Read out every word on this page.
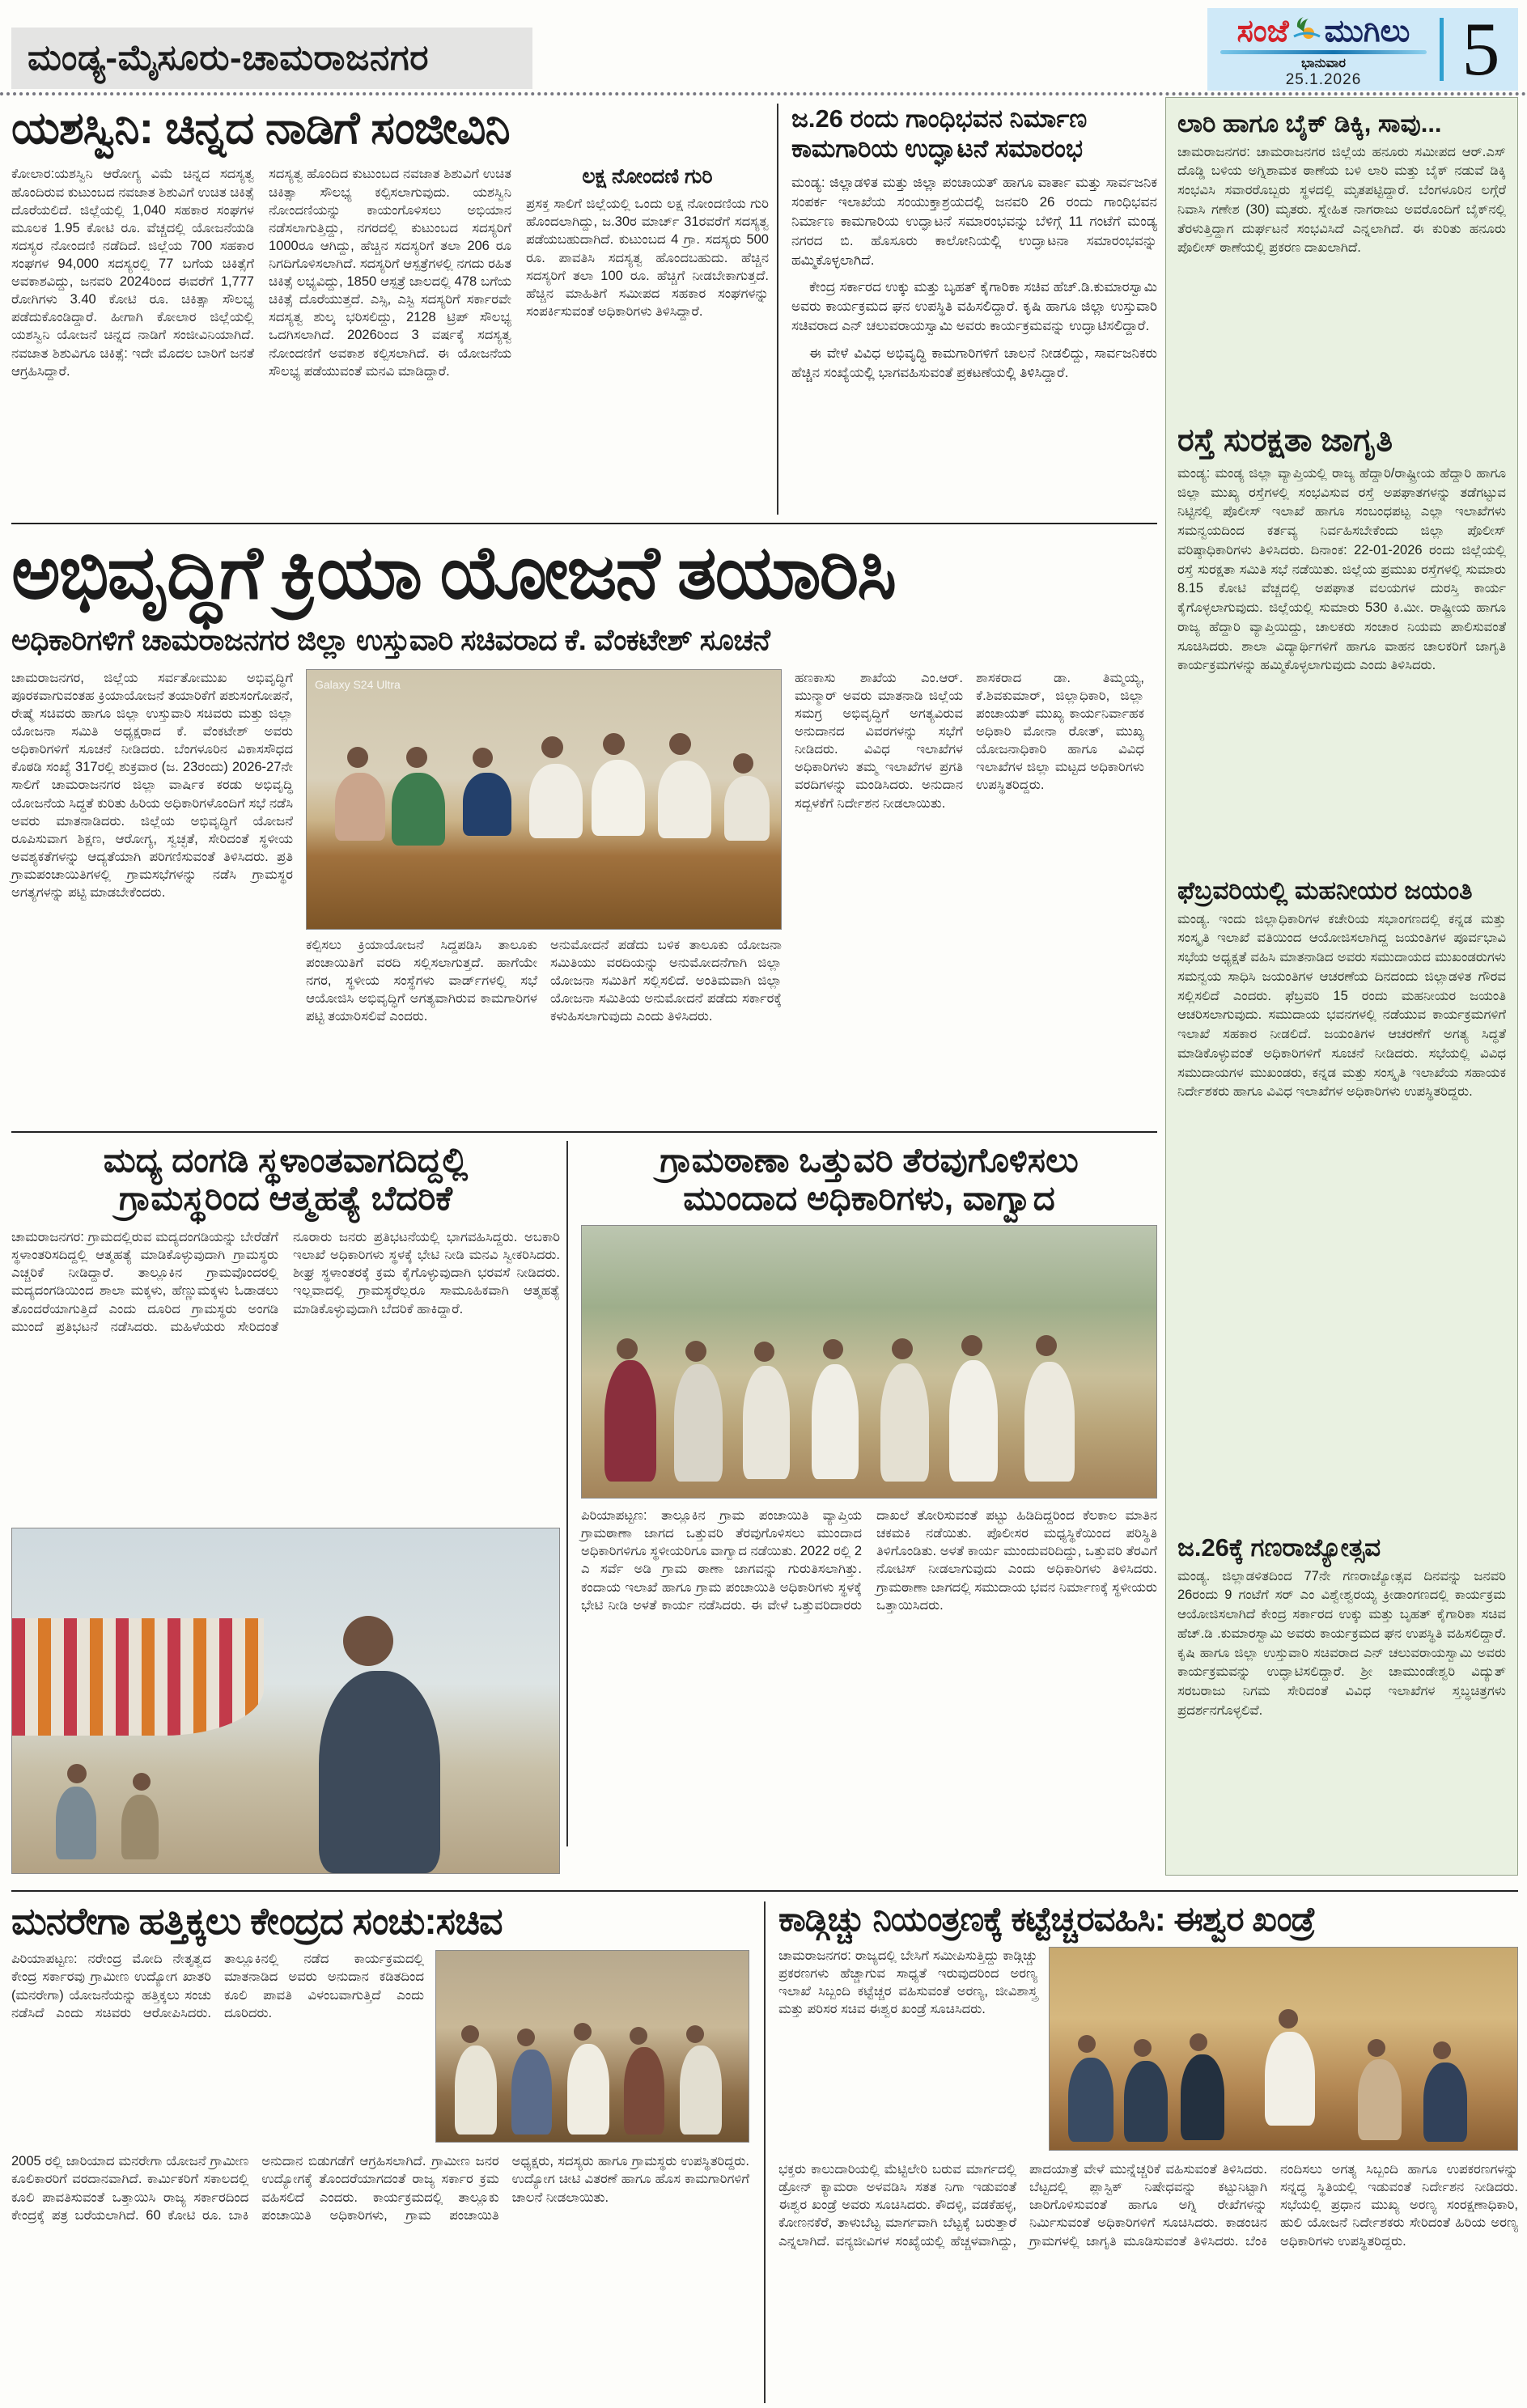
ಮಂಡ್ಯ-ಮೈಸೂರು-ಚಾಮರಾಜನಗರ
ಸಂಜೆ ಮುಗಿಲು
ಭಾನುವಾರ
25.1.2026	5
ಯಶಸ್ವಿನಿ: ಚಿನ್ನದ ನಾಡಿಗೆ ಸಂಜೀವಿನಿ
ಕೋಲಾರ:ಯಶಸ್ವಿನಿ ಆರೋಗ್ಯ ವಿಮೆ ಚಿನ್ನದ ಸದಸ್ಯತ್ವ ಹೊಂದಿರುವ ಕುಟುಂಬದ ನವಜಾತ ಶಿಶುವಿಗೆ ಉಚಿತ ಚಿಕಿತ್ಸೆ ದೊರೆಯಲಿದೆ. ಜಿಲ್ಲೆಯಲ್ಲಿ 1,040 ಸಹಕಾರ ಸಂಘಗಳ ಮೂಲಕ 1.95 ಕೋಟಿ ರೂ. ವೆಚ್ಚದಲ್ಲಿ ಯೋಜನೆಯಡಿ ಸದಸ್ಯರ ನೋಂದಣಿ ನಡೆದಿದೆ. ಜಿಲ್ಲೆಯ 700 ಸಹಕಾರ ಸಂಘಗಳ 94,000 ಸದಸ್ಯರಲ್ಲಿ 77 ಬಗೆಯ ಚಿಕಿತ್ಸೆಗೆ ಅವಕಾಶವಿದ್ದು, ಜನವರಿ 2024ರಿಂದ ಈವರೆಗೆ 1,777 ರೋಗಿಗಳು 3.40 ಕೋಟಿ ರೂ. ಚಿಕಿತ್ಸಾ ಸೌಲಭ್ಯ ಪಡೆದುಕೊಂಡಿದ್ದಾರೆ. ಹೀಗಾಗಿ ಕೋಲಾರ ಜಿಲ್ಲೆಯಲ್ಲಿ ಯಶಸ್ವಿನಿ ಯೋಜನೆ ಚಿನ್ನದ ನಾಡಿಗೆ ಸಂಜೀವಿನಿಯಾಗಿದೆ. ನವಜಾತ ಶಿಶುವಿಗೂ ಚಿಕಿತ್ಸೆ: ಇದೇ ಮೊದಲ ಬಾರಿಗೆ ಜನತೆ ಆಗ್ರಹಿಸಿದ್ದಾರೆ.
ಸದಸ್ಯತ್ವ ಹೊಂದಿದ ಕುಟುಂಬದ ನವಜಾತ ಶಿಶುವಿಗೆ ಉಚಿತ ಚಿಕಿತ್ಸಾ ಸೌಲಭ್ಯ ಕಲ್ಪಿಸಲಾಗುವುದು. ಯಶಸ್ವಿನಿ ನೋಂದಣಿಯನ್ನು ಕಾಯಂಗೊಳಿಸಲು ಅಭಿಯಾನ ನಡೆಸಲಾಗುತ್ತಿದ್ದು, ನಗರದಲ್ಲಿ ಕುಟುಂಬದ ಸದಸ್ಯರಿಗೆ 1000ರೂ ಆಗಿದ್ದು, ಹೆಚ್ಚಿನ ಸದಸ್ಯರಿಗೆ ತಲಾ 206 ರೂ ನಿಗದಿಗೊಳಿಸಲಾಗಿದೆ. ಸದಸ್ಯರಿಗೆ ಆಸ್ಪತ್ರೆಗಳಲ್ಲಿ ನಗದು ರಹಿತ ಚಿಕಿತ್ಸೆ ಲಭ್ಯವಿದ್ದು, 1850 ಆಸ್ಪತ್ರೆ ಜಾಲದಲ್ಲಿ 478 ಬಗೆಯ ಚಿಕಿತ್ಸೆ ದೊರೆಯುತ್ತದೆ. ಎಸ್ಸಿ, ಎಸ್ಟಿ ಸದಸ್ಯರಿಗೆ ಸರ್ಕಾರವೇ ಸದಸ್ಯತ್ವ ಶುಲ್ಕ ಭರಿಸಲಿದ್ದು, 2128 ಟ್ರಿಪ್ ಸೌಲಭ್ಯ ಒದಗಿಸಲಾಗಿದೆ. 2026ರಿಂದ 3 ವರ್ಷಕ್ಕೆ ಸದಸ್ಯತ್ವ ನೋಂದಣಿಗೆ ಅವಕಾಶ ಕಲ್ಪಿಸಲಾಗಿದೆ. ಈ ಯೋಜನೆಯ ಸೌಲಭ್ಯ ಪಡೆಯುವಂತೆ ಮನವಿ ಮಾಡಿದ್ದಾರೆ.
ಲಕ್ಷ ನೋಂದಣಿ ಗುರಿ
ಪ್ರಸಕ್ತ ಸಾಲಿಗೆ ಜಿಲ್ಲೆಯಲ್ಲಿ ಒಂದು ಲಕ್ಷ ನೋಂದಣಿಯ ಗುರಿ ಹೊಂದಲಾಗಿದ್ದು, ಜ.30ರ ಮಾರ್ಚ್ 31ರವರೆಗೆ ಸದಸ್ಯತ್ವ ಪಡೆಯಬಹುದಾಗಿದೆ. ಕುಟುಂಬದ 4 ಗ್ರಾ. ಸದಸ್ಯರು 500 ರೂ. ಪಾವತಿಸಿ ಸದಸ್ಯತ್ವ ಹೊಂದಬಹುದು. ಹೆಚ್ಚಿನ ಸದಸ್ಯರಿಗೆ ತಲಾ 100 ರೂ. ಹೆಚ್ಚಿಗೆ ನೀಡಬೇಕಾಗುತ್ತದೆ. ಹೆಚ್ಚಿನ ಮಾಹಿತಿಗೆ ಸಮೀಪದ ಸಹಕಾರ ಸಂಘಗಳನ್ನು ಸಂಪರ್ಕಿಸುವಂತೆ ಅಧಿಕಾರಿಗಳು ತಿಳಿಸಿದ್ದಾರೆ.
ಜ.26 ರಂದು ಗಾಂಧಿಭವನ ನಿರ್ಮಾಣ
ಕಾಮಗಾರಿಯ ಉದ್ಘಾಟನೆ ಸಮಾರಂಭ
ಮಂಡ್ಯ: ಜಿಲ್ಲಾಡಳಿತ ಮತ್ತು ಜಿಲ್ಲಾ ಪಂಚಾಯತ್ ಹಾಗೂ ವಾರ್ತಾ ಮತ್ತು ಸಾರ್ವಜನಿಕ ಸಂಪರ್ಕ ಇಲಾಖೆಯ ಸಂಯುಕ್ತಾಶ್ರಯದಲ್ಲಿ ಜನವರಿ 26 ರಂದು ಗಾಂಧಿಭವನ ನಿರ್ಮಾಣ ಕಾಮಗಾರಿಯ ಉದ್ಘಾಟನೆ ಸಮಾರಂಭವನ್ನು ಬೆಳಿಗ್ಗೆ 11 ಗಂಟೆಗೆ ಮಂಡ್ಯ ನಗರದ ಬಿ. ಹೊಸೂರು ಕಾಲೋನಿಯಲ್ಲಿ ಉದ್ಘಾಟನಾ ಸಮಾರಂಭವನ್ನು ಹಮ್ಮಿಕೊಳ್ಳಲಾಗಿದೆ.
ಕೇಂದ್ರ ಸರ್ಕಾರದ ಉಕ್ಕು ಮತ್ತು ಬೃಹತ್ ಕೈಗಾರಿಕಾ ಸಚಿವ ಹೆಚ್.ಡಿ.ಕುಮಾರಸ್ವಾಮಿ ಅವರು ಕಾರ್ಯಕ್ರಮದ ಘನ ಉಪಸ್ಥಿತಿ ವಹಿಸಲಿದ್ದಾರೆ. ಕೃಷಿ ಹಾಗೂ ಜಿಲ್ಲಾ ಉಸ್ತುವಾರಿ ಸಚಿವರಾದ ಎನ್ ಚಲುವರಾಯಸ್ವಾಮಿ ಅವರು ಕಾರ್ಯಕ್ರಮವನ್ನು ಉದ್ಘಾಟಿಸಲಿದ್ದಾರೆ.
ಈ ವೇಳೆ ವಿವಿಧ ಅಭಿವೃದ್ಧಿ ಕಾಮಗಾರಿಗಳಿಗೆ ಚಾಲನೆ ನೀಡಲಿದ್ದು, ಸಾರ್ವಜನಿಕರು ಹೆಚ್ಚಿನ ಸಂಖ್ಯೆಯಲ್ಲಿ ಭಾಗವಹಿಸುವಂತೆ ಪ್ರಕಟಣೆಯಲ್ಲಿ ತಿಳಿಸಿದ್ದಾರೆ.
ಲಾರಿ ಹಾಗೂ ಬೈಕ್ ಡಿಕ್ಕಿ, ಸಾವು...
ಚಾಮರಾಜನಗರ: ಚಾಮರಾಜನಗರ ಜಿಲ್ಲೆಯ ಹನೂರು ಸಮೀಪದ ಆರ್.ಎಸ್ ದೊಡ್ಡಿ ಬಳಿಯ ಅಗ್ನಿಶಾಮಕ ಠಾಣೆಯ ಬಳಿ ಲಾರಿ ಮತ್ತು ಬೈಕ್ ನಡುವೆ ಡಿಕ್ಕಿ ಸಂಭವಿಸಿ ಸವಾರರೊಬ್ಬರು ಸ್ಥಳದಲ್ಲಿ ಮೃತಪಟ್ಟಿದ್ದಾರೆ. ಬೆಂಗಳೂರಿನ ಲಗ್ಗೆರೆ ನಿವಾಸಿ ಗಣೇಶ (30) ಮೃತರು. ಸ್ನೇಹಿತ ನಾಗರಾಜು ಅವರೊಂದಿಗೆ ಬೈಕ್‌ನಲ್ಲಿ ತೆರಳುತ್ತಿದ್ದಾಗ ದುರ್ಘಟನೆ ಸಂಭವಿಸಿದೆ ಎನ್ನಲಾಗಿದೆ. ಈ ಕುರಿತು ಹನೂರು ಪೊಲೀಸ್ ಠಾಣೆಯಲ್ಲಿ ಪ್ರಕರಣ ದಾಖಲಾಗಿದೆ.
ರಸ್ತೆ ಸುರಕ್ಷತಾ ಜಾಗೃತಿ
ಮಂಡ್ಯ: ಮಂಡ್ಯ ಜಿಲ್ಲಾ ವ್ಯಾಪ್ತಿಯಲ್ಲಿ ರಾಜ್ಯ ಹೆದ್ದಾರಿ/ರಾಷ್ಟ್ರೀಯ ಹೆದ್ದಾರಿ ಹಾಗೂ ಜಿಲ್ಲಾ ಮುಖ್ಯ ರಸ್ತೆಗಳಲ್ಲಿ ಸಂಭವಿಸುವ ರಸ್ತೆ ಅಪಘಾತಗಳನ್ನು ತಡೆಗಟ್ಟುವ ನಿಟ್ಟಿನಲ್ಲಿ ಪೊಲೀಸ್ ಇಲಾಖೆ ಹಾಗೂ ಸಂಬಂಧಪಟ್ಟ ಎಲ್ಲಾ ಇಲಾಖೆಗಳು ಸಮನ್ವಯದಿಂದ ಕರ್ತವ್ಯ ನಿರ್ವಹಿಸಬೇಕೆಂದು ಜಿಲ್ಲಾ ಪೊಲೀಸ್ ವರಿಷ್ಠಾಧಿಕಾರಿಗಳು ತಿಳಿಸಿದರು. ದಿನಾಂಕ: 22-01-2026 ರಂದು ಜಿಲ್ಲೆಯಲ್ಲಿ ರಸ್ತೆ ಸುರಕ್ಷತಾ ಸಮಿತಿ ಸಭೆ ನಡೆಯಿತು. ಜಿಲ್ಲೆಯ ಪ್ರಮುಖ ರಸ್ತೆಗಳಲ್ಲಿ ಸುಮಾರು 8.15 ಕೋಟಿ ವೆಚ್ಚದಲ್ಲಿ ಅಪಘಾತ ವಲಯಗಳ ದುರಸ್ತಿ ಕಾರ್ಯ ಕೈಗೊಳ್ಳಲಾಗುವುದು. ಜಿಲ್ಲೆಯಲ್ಲಿ ಸುಮಾರು 530 ಕಿ.ಮೀ. ರಾಷ್ಟ್ರೀಯ ಹಾಗೂ ರಾಜ್ಯ ಹೆದ್ದಾರಿ ವ್ಯಾಪ್ತಿಯಿದ್ದು, ಚಾಲಕರು ಸಂಚಾರ ನಿಯಮ ಪಾಲಿಸುವಂತೆ ಸೂಚಿಸಿದರು. ಶಾಲಾ ವಿದ್ಯಾರ್ಥಿಗಳಿಗೆ ಹಾಗೂ ವಾಹನ ಚಾಲಕರಿಗೆ ಜಾಗೃತಿ ಕಾರ್ಯಕ್ರಮಗಳನ್ನು ಹಮ್ಮಿಕೊಳ್ಳಲಾಗುವುದು ಎಂದು ತಿಳಿಸಿದರು.
ಫೆಬ್ರವರಿಯಲ್ಲಿ ಮಹನೀಯರ ಜಯಂತಿ
ಮಂಡ್ಯ. ಇಂದು ಜಿಲ್ಲಾಧಿಕಾರಿಗಳ ಕಚೇರಿಯ ಸಭಾಂಗಣದಲ್ಲಿ ಕನ್ನಡ ಮತ್ತು ಸಂಸ್ಕೃತಿ ಇಲಾಖೆ ವತಿಯಿಂದ ಆಯೋಜಿಸಲಾಗಿದ್ದ ಜಯಂತಿಗಳ ಪೂರ್ವಭಾವಿ ಸಭೆಯ ಅಧ್ಯಕ್ಷತೆ ವಹಿಸಿ ಮಾತನಾಡಿದ ಅವರು ಸಮುದಾಯದ ಮುಖಂಡರುಗಳು ಸಮನ್ವಯ ಸಾಧಿಸಿ ಜಯಂತಿಗಳ ಆಚರಣೆಯ ದಿನದಂದು ಜಿಲ್ಲಾಡಳಿತ ಗೌರವ ಸಲ್ಲಿಸಲಿದೆ ಎಂದರು. ಫೆಬ್ರವರಿ 15 ರಂದು ಮಹನೀಯರ ಜಯಂತಿ ಆಚರಿಸಲಾಗುವುದು. ಸಮುದಾಯ ಭವನಗಳಲ್ಲಿ ನಡೆಯುವ ಕಾರ್ಯಕ್ರಮಗಳಿಗೆ ಇಲಾಖೆ ಸಹಕಾರ ನೀಡಲಿದೆ. ಜಯಂತಿಗಳ ಆಚರಣೆಗೆ ಅಗತ್ಯ ಸಿದ್ಧತೆ ಮಾಡಿಕೊಳ್ಳುವಂತೆ ಅಧಿಕಾರಿಗಳಿಗೆ ಸೂಚನೆ ನೀಡಿದರು. ಸಭೆಯಲ್ಲಿ ವಿವಿಧ ಸಮುದಾಯಗಳ ಮುಖಂಡರು, ಕನ್ನಡ ಮತ್ತು ಸಂಸ್ಕೃತಿ ಇಲಾಖೆಯ ಸಹಾಯಕ ನಿರ್ದೇಶಕರು ಹಾಗೂ ವಿವಿಧ ಇಲಾಖೆಗಳ ಅಧಿಕಾರಿಗಳು ಉಪಸ್ಥಿತರಿದ್ದರು.
ಜ.26ಕ್ಕೆ ಗಣರಾಜ್ಯೋತ್ಸವ
ಮಂಡ್ಯ. ಜಿಲ್ಲಾಡಳಿತದಿಂದ 77ನೇ ಗಣರಾಜ್ಯೋತ್ಸವ ದಿನವನ್ನು ಜನವರಿ 26ರಂದು 9 ಗಂಟೆಗೆ ಸರ್ ಎಂ ವಿಶ್ವೇಶ್ವರಯ್ಯ ಕ್ರೀಡಾಂಗಣದಲ್ಲಿ ಕಾರ್ಯಕ್ರಮ ಆಯೋಜಿಸಲಾಗಿದೆ ಕೇಂದ್ರ ಸರ್ಕಾರದ ಉಕ್ಕು ಮತ್ತು ಬೃಹತ್ ಕೈಗಾರಿಕಾ ಸಚಿವ ಹೆಚ್.ಡಿ .ಕುಮಾರಸ್ವಾಮಿ ಅವರು ಕಾರ್ಯಕ್ರಮದ ಘನ ಉಪಸ್ಥಿತಿ ವಹಿಸಲಿದ್ದಾರೆ. ಕೃಷಿ ಹಾಗೂ ಜಿಲ್ಲಾ ಉಸ್ತುವಾರಿ ಸಚಿವರಾದ ಎನ್ ಚಲುವರಾಯಸ್ವಾಮಿ ಅವರು ಕಾರ್ಯಕ್ರಮವನ್ನು ಉದ್ಘಾಟಿಸಲಿದ್ದಾರೆ. ಶ್ರೀ ಚಾಮುಂಡೇಶ್ವರಿ ವಿದ್ಯುತ್ ಸರಬರಾಜು ನಿಗಮ ಸೇರಿದಂತೆ ವಿವಿಧ ಇಲಾಖೆಗಳ ಸ್ತಬ್ಧಚಿತ್ರಗಳು ಪ್ರದರ್ಶನಗೊಳ್ಳಲಿವೆ.
ಅಭಿವೃದ್ಧಿಗೆ ಕ್ರಿಯಾ ಯೋಜನೆ ತಯಾರಿಸಿ
ಅಧಿಕಾರಿಗಳಿಗೆ ಚಾಮರಾಜನಗರ ಜಿಲ್ಲಾ ಉಸ್ತುವಾರಿ ಸಚಿವರಾದ ಕೆ. ವೆಂಕಟೇಶ್ ಸೂಚನೆ
ಚಾಮರಾಜನಗರ, ಜಿಲ್ಲೆಯ ಸರ್ವತೋಮುಖ ಅಭಿವೃದ್ಧಿಗೆ ಪೂರಕವಾಗುವಂತಹ ಕ್ರಿಯಾಯೋಜನೆ ತಯಾರಿಕೆಗೆ ಪಶುಸಂಗೋಪನೆ, ರೇಷ್ಮೆ ಸಚಿವರು ಹಾಗೂ ಜಿಲ್ಲಾ ಉಸ್ತುವಾರಿ ಸಚಿವರು ಮತ್ತು ಜಿಲ್ಲಾ ಯೋಜನಾ ಸಮಿತಿ ಅಧ್ಯಕ್ಷರಾದ ಕೆ. ವೆಂಕಟೇಶ್ ಅವರು ಅಧಿಕಾರಿಗಳಿಗೆ ಸೂಚನೆ ನೀಡಿದರು. ಬೆಂಗಳೂರಿನ ವಿಕಾಸಸೌಧದ ಕೊಠಡಿ ಸಂಖ್ಯೆ 317ರಲ್ಲಿ ಶುಕ್ರವಾರ (ಜ. 23ರಂದು) 2026-27ನೇ ಸಾಲಿಗೆ ಚಾಮರಾಜನಗರ ಜಿಲ್ಲಾ ವಾರ್ಷಿಕ ಕರಡು ಅಭಿವೃದ್ಧಿ ಯೋಜನೆಯ ಸಿದ್ಧತೆ ಕುರಿತು ಹಿರಿಯ ಅಧಿಕಾರಿಗಳೊಂದಿಗೆ ಸಭೆ ನಡೆಸಿ ಅವರು ಮಾತನಾಡಿದರು. ಜಿಲ್ಲೆಯ ಅಭಿವೃದ್ಧಿಗೆ ಯೋಜನೆ ರೂಪಿಸುವಾಗ ಶಿಕ್ಷಣ, ಆರೋಗ್ಯ, ಸ್ವಚ್ಛತೆ, ಸೇರಿದಂತೆ ಸ್ಥಳೀಯ ಅವಶ್ಯಕತೆಗಳನ್ನು ಆದ್ಯತೆಯಾಗಿ ಪರಿಗಣಿಸುವಂತೆ ತಿಳಿಸಿದರು. ಪ್ರತಿ ಗ್ರಾಮಪಂಚಾಯಿತಿಗಳಲ್ಲಿ ಗ್ರಾಮಸಭೆಗಳನ್ನು ನಡೆಸಿ ಗ್ರಾಮಸ್ಥರ ಅಗತ್ಯಗಳನ್ನು ಪಟ್ಟಿ ಮಾಡಬೇಕೆಂದರು.
Galaxy S24 Ultra
ಕಲ್ಪಿಸಲು ಕ್ರಿಯಾಯೋಜನೆ ಸಿದ್ದಪಡಿಸಿ ತಾಲೂಕು ಪಂಚಾಯಿತಿಗೆ ವರದಿ ಸಲ್ಲಿಸಲಾಗುತ್ತದೆ. ಹಾಗೆಯೇ ನಗರ, ಸ್ಥಳೀಯ ಸಂಸ್ಥೆಗಳು ವಾರ್ಡ್‌ಗಳಲ್ಲಿ ಸಭೆ ಆಯೋಜಿಸಿ ಅಭಿವೃದ್ಧಿಗೆ ಅಗತ್ಯವಾಗಿರುವ ಕಾಮಗಾರಿಗಳ ಪಟ್ಟಿ ತಯಾರಿಸಲಿವೆ ಎಂದರು.
ಅನುಮೋದನೆ ಪಡೆದು ಬಳಿಕ ತಾಲೂಕು ಯೋಜನಾ ಸಮಿತಿಯು ವರದಿಯನ್ನು ಅನುಮೋದನೆಗಾಗಿ ಜಿಲ್ಲಾ ಯೋಜನಾ ಸಮಿತಿಗೆ ಸಲ್ಲಿಸಲಿದೆ. ಅಂತಿಮವಾಗಿ ಜಿಲ್ಲಾ ಯೋಜನಾ ಸಮಿತಿಯ ಅನುಮೋದನೆ ಪಡೆದು ಸರ್ಕಾರಕ್ಕೆ ಕಳುಹಿಸಲಾಗುವುದು ಎಂದು ತಿಳಿಸಿದರು.
ಹಣಕಾಸು ಶಾಖೆಯ ಎಂ.ಆರ್. ಮುನ್ಮಾರ್ ಅವರು ಮಾತನಾಡಿ ಜಿಲ್ಲೆಯ ಸಮಗ್ರ ಅಭಿವೃದ್ಧಿಗೆ ಅಗತ್ಯವಿರುವ ಅನುದಾನದ ವಿವರಗಳನ್ನು ಸಭೆಗೆ ನೀಡಿದರು. ವಿವಿಧ ಇಲಾಖೆಗಳ ಅಧಿಕಾರಿಗಳು ತಮ್ಮ ಇಲಾಖೆಗಳ ಪ್ರಗತಿ ವರದಿಗಳನ್ನು ಮಂಡಿಸಿದರು. ಅನುದಾನ ಸದ್ಬಳಕೆಗೆ ನಿರ್ದೇಶನ ನೀಡಲಾಯಿತು.
ಶಾಸಕರಾದ ಡಾ. ತಿಮ್ಮಯ್ಯ, ಕೆ.ಶಿವಕುಮಾರ್, ಜಿಲ್ಲಾಧಿಕಾರಿ, ಜಿಲ್ಲಾ ಪಂಚಾಯತ್ ಮುಖ್ಯ ಕಾರ್ಯನಿರ್ವಾಹಕ ಅಧಿಕಾರಿ ಮೋನಾ ರೋತ್, ಮುಖ್ಯ ಯೋಜನಾಧಿಕಾರಿ ಹಾಗೂ ವಿವಿಧ ಇಲಾಖೆಗಳ ಜಿಲ್ಲಾ ಮಟ್ಟದ ಅಧಿಕಾರಿಗಳು ಉಪಸ್ಥಿತರಿದ್ದರು.
ಮದ್ಯ ದಂಗಡಿ ಸ್ಥಳಾಂತವಾಗದಿದ್ದಲ್ಲಿ
ಗ್ರಾಮಸ್ಥರಿಂದ ಆತ್ಮಹತ್ಯೆ ಬೆದರಿಕೆ
ಚಾಮರಾಜನಗರ: ಗ್ರಾಮದಲ್ಲಿರುವ ಮದ್ಯದಂಗಡಿಯನ್ನು ಬೇರೆಡೆಗೆ ಸ್ಥಳಾಂತರಿಸದಿದ್ದಲ್ಲಿ ಆತ್ಮಹತ್ಯೆ ಮಾಡಿಕೊಳ್ಳುವುದಾಗಿ ಗ್ರಾಮಸ್ಥರು ಎಚ್ಚರಿಕೆ ನೀಡಿದ್ದಾರೆ. ತಾಲ್ಲೂಕಿನ ಗ್ರಾಮವೊಂದರಲ್ಲಿ ಮದ್ಯದಂಗಡಿಯಿಂದ ಶಾಲಾ ಮಕ್ಕಳು, ಹೆಣ್ಣುಮಕ್ಕಳು ಓಡಾಡಲು ತೊಂದರೆಯಾಗುತ್ತಿದೆ ಎಂದು ದೂರಿದ ಗ್ರಾಮಸ್ಥರು ಅಂಗಡಿ ಮುಂದೆ ಪ್ರತಿಭಟನೆ ನಡೆಸಿದರು. ಮಹಿಳೆಯರು ಸೇರಿದಂತೆ ನೂರಾರು ಜನರು ಪ್ರತಿಭಟನೆಯಲ್ಲಿ ಭಾಗವಹಿಸಿದ್ದರು. ಅಬಕಾರಿ ಇಲಾಖೆ ಅಧಿಕಾರಿಗಳು ಸ್ಥಳಕ್ಕೆ ಭೇಟಿ ನೀಡಿ ಮನವಿ ಸ್ವೀಕರಿಸಿದರು. ಶೀಘ್ರ ಸ್ಥಳಾಂತರಕ್ಕೆ ಕ್ರಮ ಕೈಗೊಳ್ಳುವುದಾಗಿ ಭರವಸೆ ನೀಡಿದರು. ಇಲ್ಲವಾದಲ್ಲಿ ಗ್ರಾಮಸ್ಥರೆಲ್ಲರೂ ಸಾಮೂಹಿಕವಾಗಿ ಆತ್ಮಹತ್ಯೆ ಮಾಡಿಕೊಳ್ಳುವುದಾಗಿ ಬೆದರಿಕೆ ಹಾಕಿದ್ದಾರೆ.
ಗ್ರಾಮಠಾಣಾ ಒತ್ತುವರಿ ತೆರವುಗೊಳಿಸಲು
ಮುಂದಾದ ಅಧಿಕಾರಿಗಳು, ವಾಗ್ವಾದ
ಪಿರಿಯಾಪಟ್ಟಣ: ತಾಲ್ಲೂಕಿನ ಗ್ರಾಮ ಪಂಚಾಯಿತಿ ವ್ಯಾಪ್ತಿಯ ಗ್ರಾಮಠಾಣಾ ಜಾಗದ ಒತ್ತುವರಿ ತೆರವುಗೊಳಿಸಲು ಮುಂದಾದ ಅಧಿಕಾರಿಗಳಿಗೂ ಸ್ಥಳೀಯರಿಗೂ ವಾಗ್ವಾದ ನಡೆಯಿತು. 2022 ರಲ್ಲಿ 2 ಎ ಸರ್ವೆ ಅಡಿ ಗ್ರಾಮ ಠಾಣಾ ಜಾಗವನ್ನು ಗುರುತಿಸಲಾಗಿತ್ತು. ಕಂದಾಯ ಇಲಾಖೆ ಹಾಗೂ ಗ್ರಾಮ ಪಂಚಾಯಿತಿ ಅಧಿಕಾರಿಗಳು ಸ್ಥಳಕ್ಕೆ ಭೇಟಿ ನೀಡಿ ಅಳತೆ ಕಾರ್ಯ ನಡೆಸಿದರು. ಈ ವೇಳೆ ಒತ್ತುವರಿದಾರರು ದಾಖಲೆ ತೋರಿಸುವಂತೆ ಪಟ್ಟು ಹಿಡಿದಿದ್ದರಿಂದ ಕೆಲಕಾಲ ಮಾತಿನ ಚಕಮಕಿ ನಡೆಯಿತು. ಪೊಲೀಸರ ಮಧ್ಯಸ್ಥಿಕೆಯಿಂದ ಪರಿಸ್ಥಿತಿ ತಿಳಿಗೊಂಡಿತು. ಅಳತೆ ಕಾರ್ಯ ಮುಂದುವರಿದಿದ್ದು, ಒತ್ತುವರಿ ತೆರವಿಗೆ ನೋಟಿಸ್ ನೀಡಲಾಗುವುದು ಎಂದು ಅಧಿಕಾರಿಗಳು ತಿಳಿಸಿದರು. ಗ್ರಾಮಠಾಣಾ ಜಾಗದಲ್ಲಿ ಸಮುದಾಯ ಭವನ ನಿರ್ಮಾಣಕ್ಕೆ ಸ್ಥಳೀಯರು ಒತ್ತಾಯಿಸಿದರು.
ಮನರೇಗಾ ಹತ್ತಿಕ್ಕಲು ಕೇಂದ್ರದ ಸಂಚು:ಸಚಿವ
ಪಿರಿಯಾಪಟ್ಟಣ: ನರೇಂದ್ರ ಮೋದಿ ನೇತೃತ್ವದ ಕೇಂದ್ರ ಸರ್ಕಾರವು ಗ್ರಾಮೀಣ ಉದ್ಯೋಗ ಖಾತರಿ (ಮನರೇಗಾ) ಯೋಜನೆಯನ್ನು ಹತ್ತಿಕ್ಕಲು ಸಂಚು ನಡೆಸಿದೆ ಎಂದು ಸಚಿವರು ಆರೋಪಿಸಿದರು. ತಾಲ್ಲೂಕಿನಲ್ಲಿ ನಡೆದ ಕಾರ್ಯಕ್ರಮದಲ್ಲಿ ಮಾತನಾಡಿದ ಅವರು ಅನುದಾನ ಕಡಿತದಿಂದ ಕೂಲಿ ಪಾವತಿ ವಿಳಂಬವಾಗುತ್ತಿದೆ ಎಂದು ದೂರಿದರು.
2005 ರಲ್ಲಿ ಜಾರಿಯಾದ ಮನರೇಗಾ ಯೋಜನೆ ಗ್ರಾಮೀಣ ಕೂಲಿಕಾರರಿಗೆ ವರದಾನವಾಗಿದೆ. ಕಾರ್ಮಿಕರಿಗೆ ಸಕಾಲದಲ್ಲಿ ಕೂಲಿ ಪಾವತಿಸುವಂತೆ ಒತ್ತಾಯಿಸಿ ರಾಜ್ಯ ಸರ್ಕಾರದಿಂದ ಕೇಂದ್ರಕ್ಕೆ ಪತ್ರ ಬರೆಯಲಾಗಿದೆ. 60 ಕೋಟಿ ರೂ. ಬಾಕಿ ಅನುದಾನ ಬಿಡುಗಡೆಗೆ ಆಗ್ರಹಿಸಲಾಗಿದೆ. ಗ್ರಾಮೀಣ ಜನರ ಉದ್ಯೋಗಕ್ಕೆ ತೊಂದರೆಯಾಗದಂತೆ ರಾಜ್ಯ ಸರ್ಕಾರ ಕ್ರಮ ವಹಿಸಲಿದೆ ಎಂದರು. ಕಾರ್ಯಕ್ರಮದಲ್ಲಿ ತಾಲ್ಲೂಕು ಪಂಚಾಯಿತಿ ಅಧಿಕಾರಿಗಳು, ಗ್ರಾಮ ಪಂಚಾಯಿತಿ ಅಧ್ಯಕ್ಷರು, ಸದಸ್ಯರು ಹಾಗೂ ಗ್ರಾಮಸ್ಥರು ಉಪಸ್ಥಿತರಿದ್ದರು. ಉದ್ಯೋಗ ಚೀಟಿ ವಿತರಣೆ ಹಾಗೂ ಹೊಸ ಕಾಮಗಾರಿಗಳಿಗೆ ಚಾಲನೆ ನೀಡಲಾಯಿತು.
ಕಾಡ್ಗಿಚ್ಚು ನಿಯಂತ್ರಣಕ್ಕೆ ಕಟ್ಟೆಚ್ಚರವಹಿಸಿ: ಈಶ್ವರ ಖಂಡ್ರೆ
ಚಾಮರಾಜನಗರ: ರಾಜ್ಯದಲ್ಲಿ ಬೇಸಿಗೆ ಸಮೀಪಿಸುತ್ತಿದ್ದು ಕಾಡ್ಗಿಚ್ಚು ಪ್ರಕರಣಗಳು ಹೆಚ್ಚಾಗುವ ಸಾಧ್ಯತೆ ಇರುವುದರಿಂದ ಅರಣ್ಯ ಇಲಾಖೆ ಸಿಬ್ಬಂದಿ ಕಟ್ಟೆಚ್ಚರ ವಹಿಸುವಂತೆ ಅರಣ್ಯ, ಜೀವಿಶಾಸ್ತ್ರ ಮತ್ತು ಪರಿಸರ ಸಚಿವ ಈಶ್ವರ ಖಂಡ್ರೆ ಸೂಚಿಸಿದರು.
ಭಕ್ತರು ಕಾಲುದಾರಿಯಲ್ಲಿ ಮೆಟ್ಟಿಲೇರಿ ಬರುವ ಮಾರ್ಗದಲ್ಲಿ ಡ್ರೋನ್ ಕ್ಯಾಮರಾ ಅಳವಡಿಸಿ ಸತತ ನಿಗಾ ಇಡುವಂತೆ ಈಶ್ವರ ಖಂಡ್ರೆ ಅವರು ಸೂಚಿಸಿದರು. ಕೌದಳ್ಳಿ, ವಡಕೆಹಳ್ಳ, ಕೋಣನಕೆರೆ, ತಾಳುಬೆಟ್ಟ ಮಾರ್ಗವಾಗಿ ಬೆಟ್ಟಕ್ಕೆ ಬರುತ್ತಾರೆ ಎನ್ನಲಾಗಿದೆ. ವನ್ಯಜೀವಿಗಳ ಸಂಖ್ಯೆಯಲ್ಲಿ ಹೆಚ್ಚಳವಾಗಿದ್ದು, ಪಾದಯಾತ್ರೆ ವೇಳೆ ಮುನ್ನೆಚ್ಚರಿಕೆ ವಹಿಸುವಂತೆ ತಿಳಿಸಿದರು. ಬೆಟ್ಟದಲ್ಲಿ ಪ್ಲಾಸ್ಟಿಕ್ ನಿಷೇಧವನ್ನು ಕಟ್ಟುನಿಟ್ಟಾಗಿ ಜಾರಿಗೊಳಿಸುವಂತೆ ಹಾಗೂ ಅಗ್ನಿ ರೇಖೆಗಳನ್ನು ನಿರ್ಮಿಸುವಂತೆ ಅಧಿಕಾರಿಗಳಿಗೆ ಸೂಚಿಸಿದರು. ಕಾಡಂಚಿನ ಗ್ರಾಮಗಳಲ್ಲಿ ಜಾಗೃತಿ ಮೂಡಿಸುವಂತೆ ತಿಳಿಸಿದರು. ಬೆಂಕಿ ನಂದಿಸಲು ಅಗತ್ಯ ಸಿಬ್ಬಂದಿ ಹಾಗೂ ಉಪಕರಣಗಳನ್ನು ಸನ್ನದ್ಧ ಸ್ಥಿತಿಯಲ್ಲಿ ಇಡುವಂತೆ ನಿರ್ದೇಶನ ನೀಡಿದರು. ಸಭೆಯಲ್ಲಿ ಪ್ರಧಾನ ಮುಖ್ಯ ಅರಣ್ಯ ಸಂರಕ್ಷಣಾಧಿಕಾರಿ, ಹುಲಿ ಯೋಜನೆ ನಿರ್ದೇಶಕರು ಸೇರಿದಂತೆ ಹಿರಿಯ ಅರಣ್ಯ ಅಧಿಕಾರಿಗಳು ಉಪಸ್ಥಿತರಿದ್ದರು.
